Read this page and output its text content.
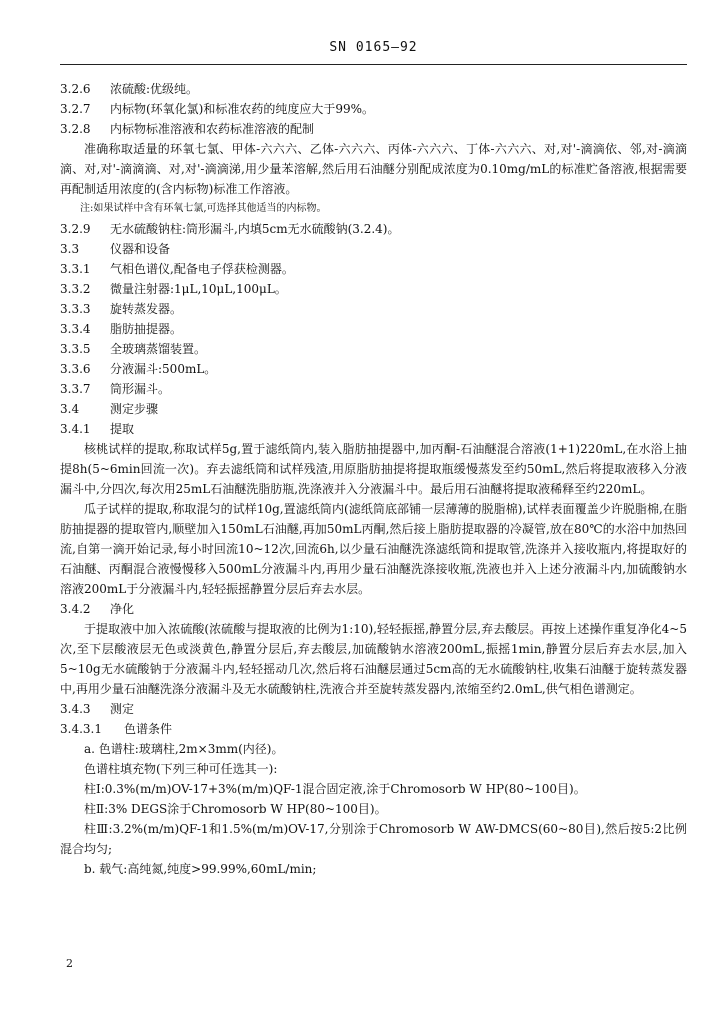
SN 0165—92
3.2.6	浓硫酸:优级纯。
3.2.7	内标物(环氧化氯)和标准农药的纯度应大于99%。
3.2.8	内标物标准溶液和农药标准溶液的配制

准确称取适量的环氧七氯、甲体-六六六、乙体-六六六、丙体-六六六、丁体-六六六、对,对'-滴滴依、邻,对-滴滴滴、对,对'-滴滴滴、对,对'-滴滴涕,用少量苯溶解,然后用石油醚分别配成浓度为0.10mg/mL的标准贮备溶液,根据需要再配制适用浓度的(含内标物)标准工作溶液。

注:如果试样中含有环氧七氯,可选择其他适当的内标物。

3.2.9	无水硫酸钠柱:筒形漏斗,内填5cm无水硫酸钠(3.2.4)。
3.3	仪器和设备
3.3.1	气相色谱仪,配备电子俘获检测器。
3.3.2	微量注射器:1μL,10μL,100μL。
3.3.3	旋转蒸发器。
3.3.4	脂肪抽提器。
3.3.5	全玻璃蒸馏装置。
3.3.6	分液漏斗:500mL。
3.3.7	筒形漏斗。
3.4	测定步骤
3.4.1	提取

核桃试样的提取,称取试样5g,置于滤纸筒内,装入脂肪抽提器中,加丙酮-石油醚混合溶液(1+1)220mL,在水浴上抽提8h(5~6min回流一次)。弃去滤纸筒和试样残渣,用原脂肪抽提将提取瓶缓慢蒸发至约50mL,然后将提取液移入分液漏斗中,分四次,每次用25mL石油醚洗脂肪瓶,洗涤液并入分液漏斗中。最后用石油醚将提取液稀释至约220mL。

瓜子试样的提取,称取混匀的试样10g,置滤纸筒内(滤纸筒底部铺一层薄薄的脱脂棉),试样表面覆盖少许脱脂棉,在脂肪抽提器的提取管内,顺壁加入150mL石油醚,再加50mL丙酮,然后接上脂肪提取器的冷凝管,放在80℃的水浴中加热回流,自第一滴开始记录,每小时回流10~12次,回流6h,以少量石油醚洗涤滤纸筒和提取管,洗涤并入接收瓶内,将提取好的石油醚、丙酮混合液慢慢移入500mL分液漏斗内,再用少量石油醚洗涤接收瓶,洗液也并入上述分液漏斗内,加硫酸钠水溶液200mL于分液漏斗内,轻轻振摇静置分层后弃去水层。

3.4.2	净化

于提取液中加入浓硫酸(浓硫酸与提取液的比例为1:10),轻轻振摇,静置分层,弃去酸层。再按上述操作重复净化4~5次,至下层酸液层无色或淡黄色,静置分层后,弃去酸层,加硫酸钠水溶液200mL,振摇1min,静置分层后弃去水层,加入5~10g无水硫酸钠于分液漏斗内,轻轻摇动几次,然后将石油醚层通过5cm高的无水硫酸钠柱,收集石油醚于旋转蒸发器中,再用少量石油醚洗涤分液漏斗及无水硫酸钠柱,洗液合并至旋转蒸发器内,浓缩至约2.0mL,供气相色谱测定。

3.4.3	测定
3.4.3.1	色谱条件

a. 色谱柱:玻璃柱,2m×3mm(内径)。

色谱柱填充物(下列三种可任选其一):

柱Ⅰ:0.3%(m/m)OV-17+3%(m/m)QF-1混合固定液,涂于Chromosorb W HP(80~100目)。

柱Ⅱ:3% DEGS涂于Chromosorb W HP(80~100目)。

柱Ⅲ:3.2%(m/m)QF-1和1.5%(m/m)OV-17,分别涂于Chromosorb W AW-DMCS(60~80目),然后按5:2比例混合均匀;

b. 载气:高纯氮,纯度>99.99%,60mL/min;

2
